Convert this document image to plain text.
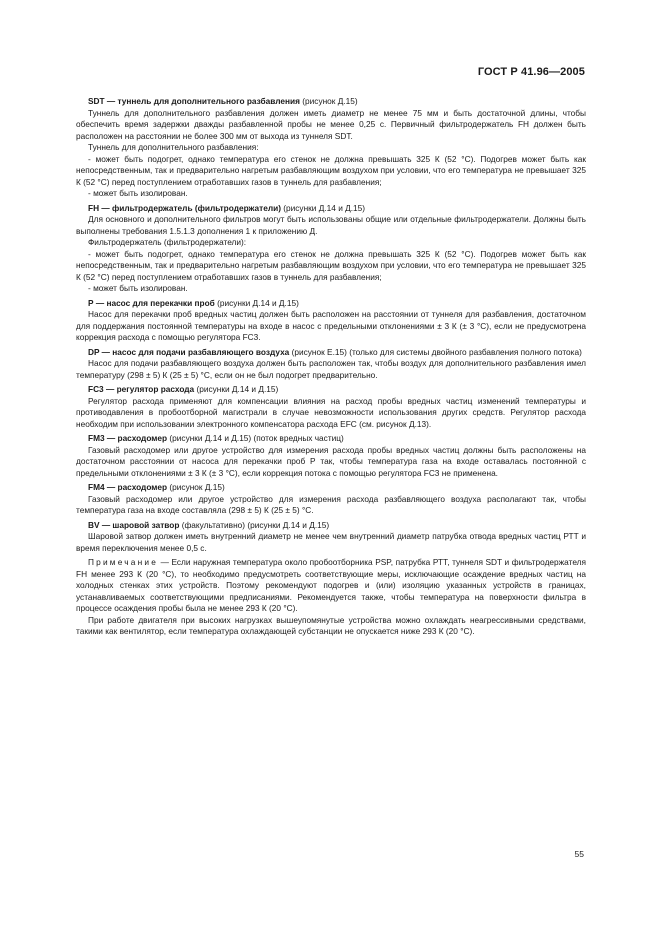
ГОСТ Р 41.96—2005

SDT — туннель для дополнительного разбавления (рисунок Д.15)

Туннель для дополнительного разбавления должен иметь диаметр не менее 75 мм и быть достаточной длины, чтобы обеспечить время задержки дважды разбавленной пробы не менее 0,25 с. Первичный фильтродержатель FH должен быть расположен на расстоянии не более 300 мм от выхода из туннеля SDT.

Туннель для дополнительного разбавления:

- может быть подогрет, однако температура его стенок не должна превышать 325 К (52 °С). Подогрев может быть как непосредственным, так и предварительно нагретым разбавляющим воздухом при условии, что его температура не превышает 325 К (52 °С) перед поступлением отработавших газов в туннель для разбавления;

- может быть изолирован.

FH — фильтродержатель (фильтродержатели) (рисунки Д.14 и Д.15)

Для основного и дополнительного фильтров могут быть использованы общие или отдельные фильтродержатели. Должны быть выполнены требования 1.5.1.3 дополнения 1 к приложению Д.

Фильтродержатель (фильтродержатели):

- может быть подогрет, однако температура его стенок не должна превышать 325 К (52 °С). Подогрев может быть как непосредственным, так и предварительно нагретым разбавляющим воздухом при условии, что его температура не превышает 325 К (52 °С) перед поступлением отработавших газов в туннель для разбавления;

- может быть изолирован.

Р — насос для перекачки проб (рисунки Д.14 и Д.15)

Насос для перекачки проб вредных частиц должен быть расположен на расстоянии от туннеля для разбавления, достаточном для поддержания постоянной температуры на входе в насос с предельными отклонениями ± 3 К (± 3 °С), если не предусмотрена коррекция расхода с помощью регулятора FC3.

DP — насос для подачи разбавляющего воздуха (рисунок Е.15) (только для системы двойного разбавления полного потока)

Насос для подачи разбавляющего воздуха должен быть расположен так, чтобы воздух для дополнительного разбавления имел температуру (298 ± 5) К (25 ± 5) °С, если он не был подогрет предварительно.

FC3 — регулятор расхода (рисунки Д.14 и Д.15)

Регулятор расхода применяют для компенсации влияния на расход пробы вредных частиц изменений температуры и противодавления в пробоотборной магистрали в случае невозможности использования других средств. Регулятор расхода необходим при использовании электронного компенсатора расхода EFC (см. рисунок Д.13).

FM3 — расходомер (рисунки Д.14 и Д.15) (поток вредных частиц)

Газовый расходомер или другое устройство для измерения расхода пробы вредных частиц должны быть расположены на достаточном расстоянии от насоса для перекачки проб Р так, чтобы температура газа на входе оставалась постоянной с предельными отклонениями ± 3 К (± 3 °С), если коррекция потока с помощью регулятора FC3 не применена.

FM4 — расходомер (рисунок Д.15)

Газовый расходомер или другое устройство для измерения расхода разбавляющего воздуха располагают так, чтобы температура газа на входе составляла (298 ± 5) К (25 ± 5) °С.

BV — шаровой затвор (факультативно) (рисунки Д.14 и Д.15)

Шаровой затвор должен иметь внутренний диаметр не менее чем внутренний диаметр патрубка отвода вредных частиц РТТ и время переключения менее 0,5 с.

Примечание — Если наружная температура около пробоотборника PSP, патрубка РТТ, туннеля SDT и фильтродержателя FH менее 293 К (20 °С), то необходимо предусмотреть соответствующие меры, исключающие осаждение вредных частиц на холодных стенках этих устройств. Поэтому рекомендуют подогрев и (или) изоляцию указанных устройств в границах, устанавливаемых соответствующими предписаниями. Рекомендуется также, чтобы температура на поверхности фильтра в процессе осаждения пробы была не менее 293 К (20 °С).

При работе двигателя при высоких нагрузках вышеупомянутые устройства можно охлаждать неагрессивными средствами, такими как вентилятор, если температура охлаждающей субстанции не опускается ниже 293 К (20 °С).

55
